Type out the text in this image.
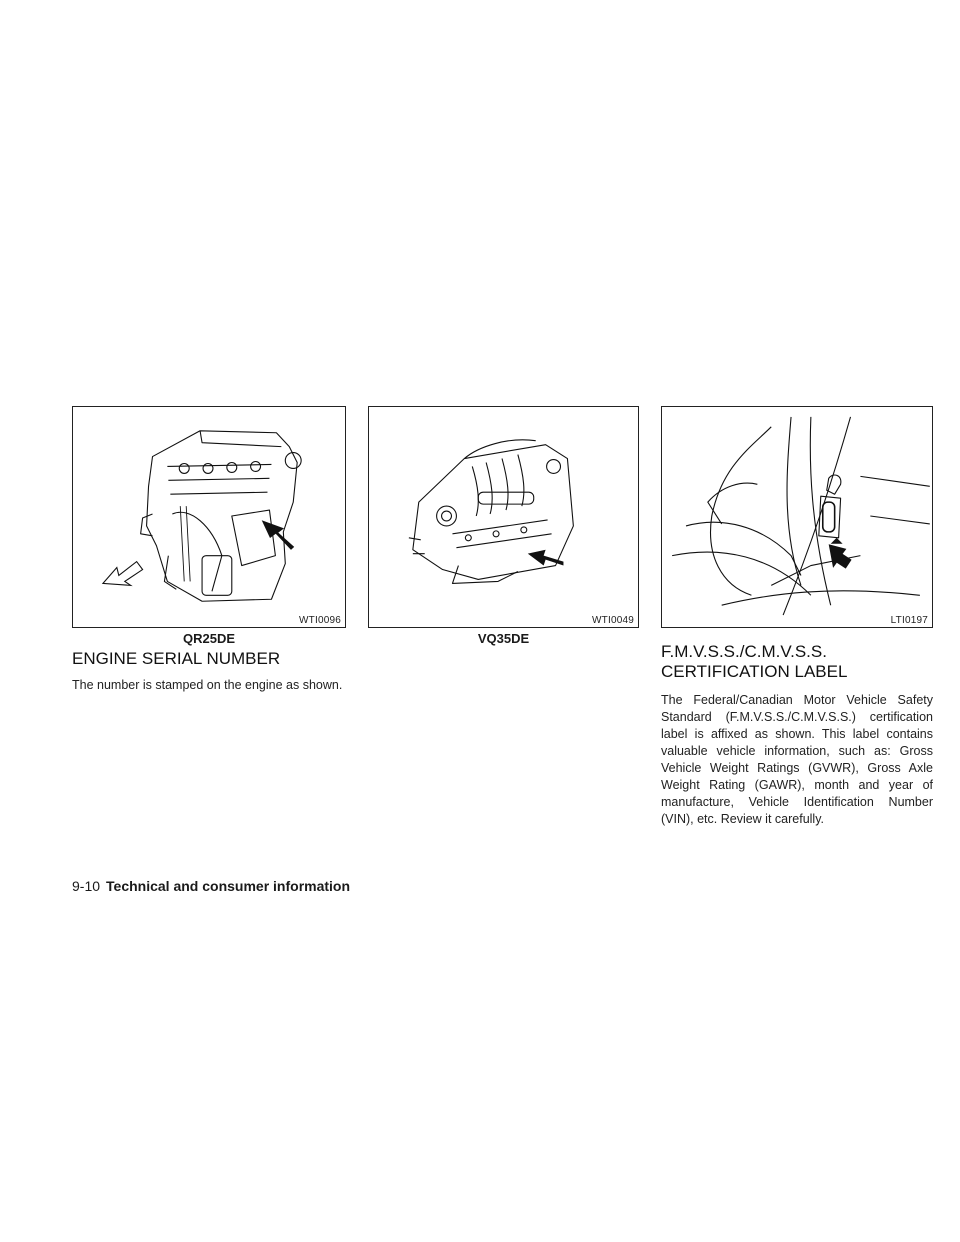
WTI0096
QR25DE
WTI0049
VQ35DE
LTI0197
ENGINE SERIAL NUMBER

The number is stamped on the engine as shown.

F.M.V.S.S./C.M.V.S.S.
CERTIFICATION LABEL

The Federal/Canadian Motor Vehicle Safety Standard (F.M.V.S.S./C.M.V.S.S.) certification label is affixed as shown. This label contains valuable vehicle information, such as: Gross Vehicle Weight Ratings (GVWR), Gross Axle Weight Rating (GAWR), month and year of manufacture, Vehicle Identification Number (VIN), etc. Review it carefully.

9-10 Technical and consumer information
